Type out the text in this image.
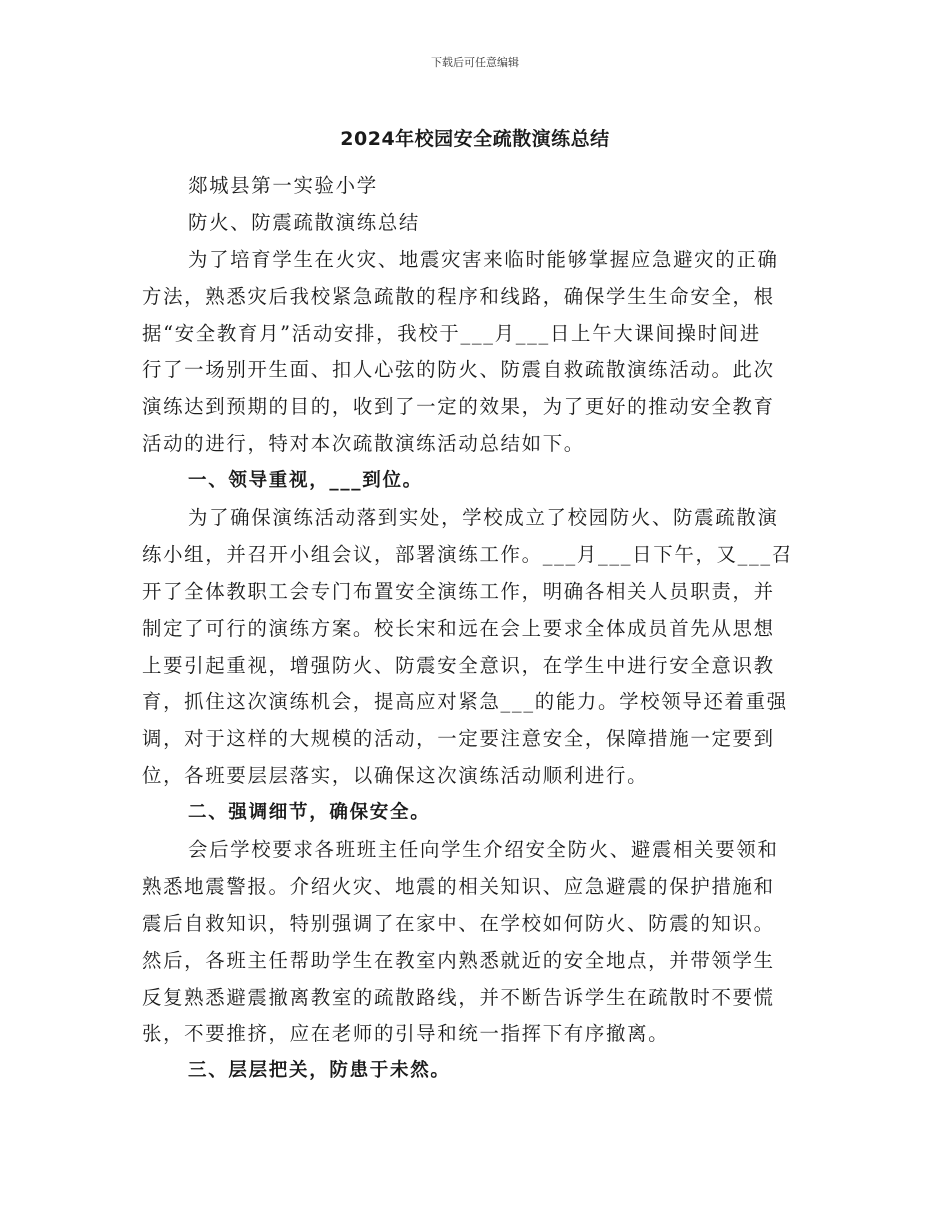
下载后可任意编辑
2024年校园安全疏散演练总结
郯城县第一实验小学
防火、防震疏散演练总结
为了培育学生在火灾、地震灾害来临时能够掌握应急避灾的正确
方法，熟悉灾后我校紧急疏散的程序和线路，确保学生生命安全，根
据“安全教育月”活动安排，我校于___月___日上午大课间操时间进
行了一场别开生面、扣人心弦的防火、防震自救疏散演练活动。此次
演练达到预期的目的，收到了一定的效果，为了更好的推动安全教育
活动的进行，特对本次疏散演练活动总结如下。
一、领导重视，___到位。
为了确保演练活动落到实处，学校成立了校园防火、防震疏散演
练小组，并召开小组会议，部署演练工作。___月___日下午，又___召
开了全体教职工会专门布置安全演练工作，明确各相关人员职责，并
制定了可行的演练方案。校长宋和远在会上要求全体成员首先从思想
上要引起重视，增强防火、防震安全意识，在学生中进行安全意识教
育，抓住这次演练机会，提高应对紧急___的能力。学校领导还着重强
调，对于这样的大规模的活动，一定要注意安全，保障措施一定要到
位，各班要层层落实，以确保这次演练活动顺利进行。
二、强调细节，确保安全。
会后学校要求各班班主任向学生介绍安全防火、避震相关要领和
熟悉地震警报。介绍火灾、地震的相关知识、应急避震的保护措施和
震后自救知识，特别强调了在家中、在学校如何防火、防震的知识。
然后，各班主任帮助学生在教室内熟悉就近的安全地点，并带领学生
反复熟悉避震撤离教室的疏散路线，并不断告诉学生在疏散时不要慌
张，不要推挤，应在老师的引导和统一指挥下有序撤离。
三、层层把关，防患于未然。
